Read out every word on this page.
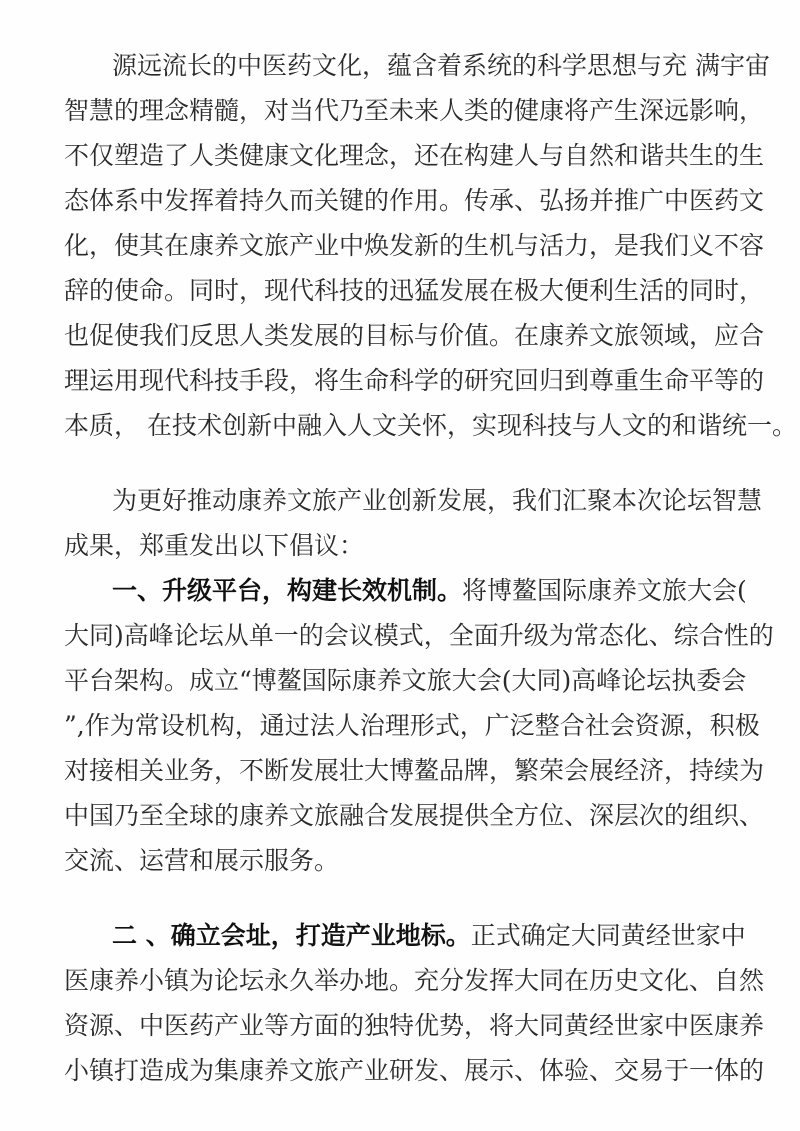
源远流长的中医药文化，蕴含着系统的科学思想与充 满宇宙
智慧的理念精髓，对当代乃至未来人类的健康将产生深远影响，
不仅塑造了人类健康文化理念，还在构建人与自然和谐共生的生
态体系中发挥着持久而关键的作用。传承、弘扬并推广中医药文
化，使其在康养文旅产业中焕发新的生机与活力，是我们义不容
辞的使命。同时，现代科技的迅猛发展在极大便利生活的同时，
也促使我们反思人类发展的目标与价值。在康养文旅领域，应合
理运用现代科技手段，将生命科学的研究回归到尊重生命平等的
本质， 在技术创新中融入人文关怀，实现科技与人文的和谐统一。
为更好推动康养文旅产业创新发展，我们汇聚本次论坛智慧
成果，郑重发出以下倡议：
一、升级平台，构建长效机制。将博鳌国际康养文旅大会(
大同)高峰论坛从单一的会议模式，全面升级为常态化、综合性的
平台架构。成立“博鳌国际康养文旅大会(大同)高峰论坛执委会
”,作为常设机构，通过法人治理形式，广泛整合社会资源，积极
对接相关业务，不断发展壮大博鳌品牌，繁荣会展经济，持续为
中国乃至全球的康养文旅融合发展提供全方位、深层次的组织、
交流、运营和展示服务。
二 、确立会址，打造产业地标。正式确定大同黄经世家中
医康养小镇为论坛永久举办地。充分发挥大同在历史文化、自然
资源、中医药产业等方面的独特优势，将大同黄经世家中医康养
小镇打造成为集康养文旅产业研发、展示、体验、交易于一体的
